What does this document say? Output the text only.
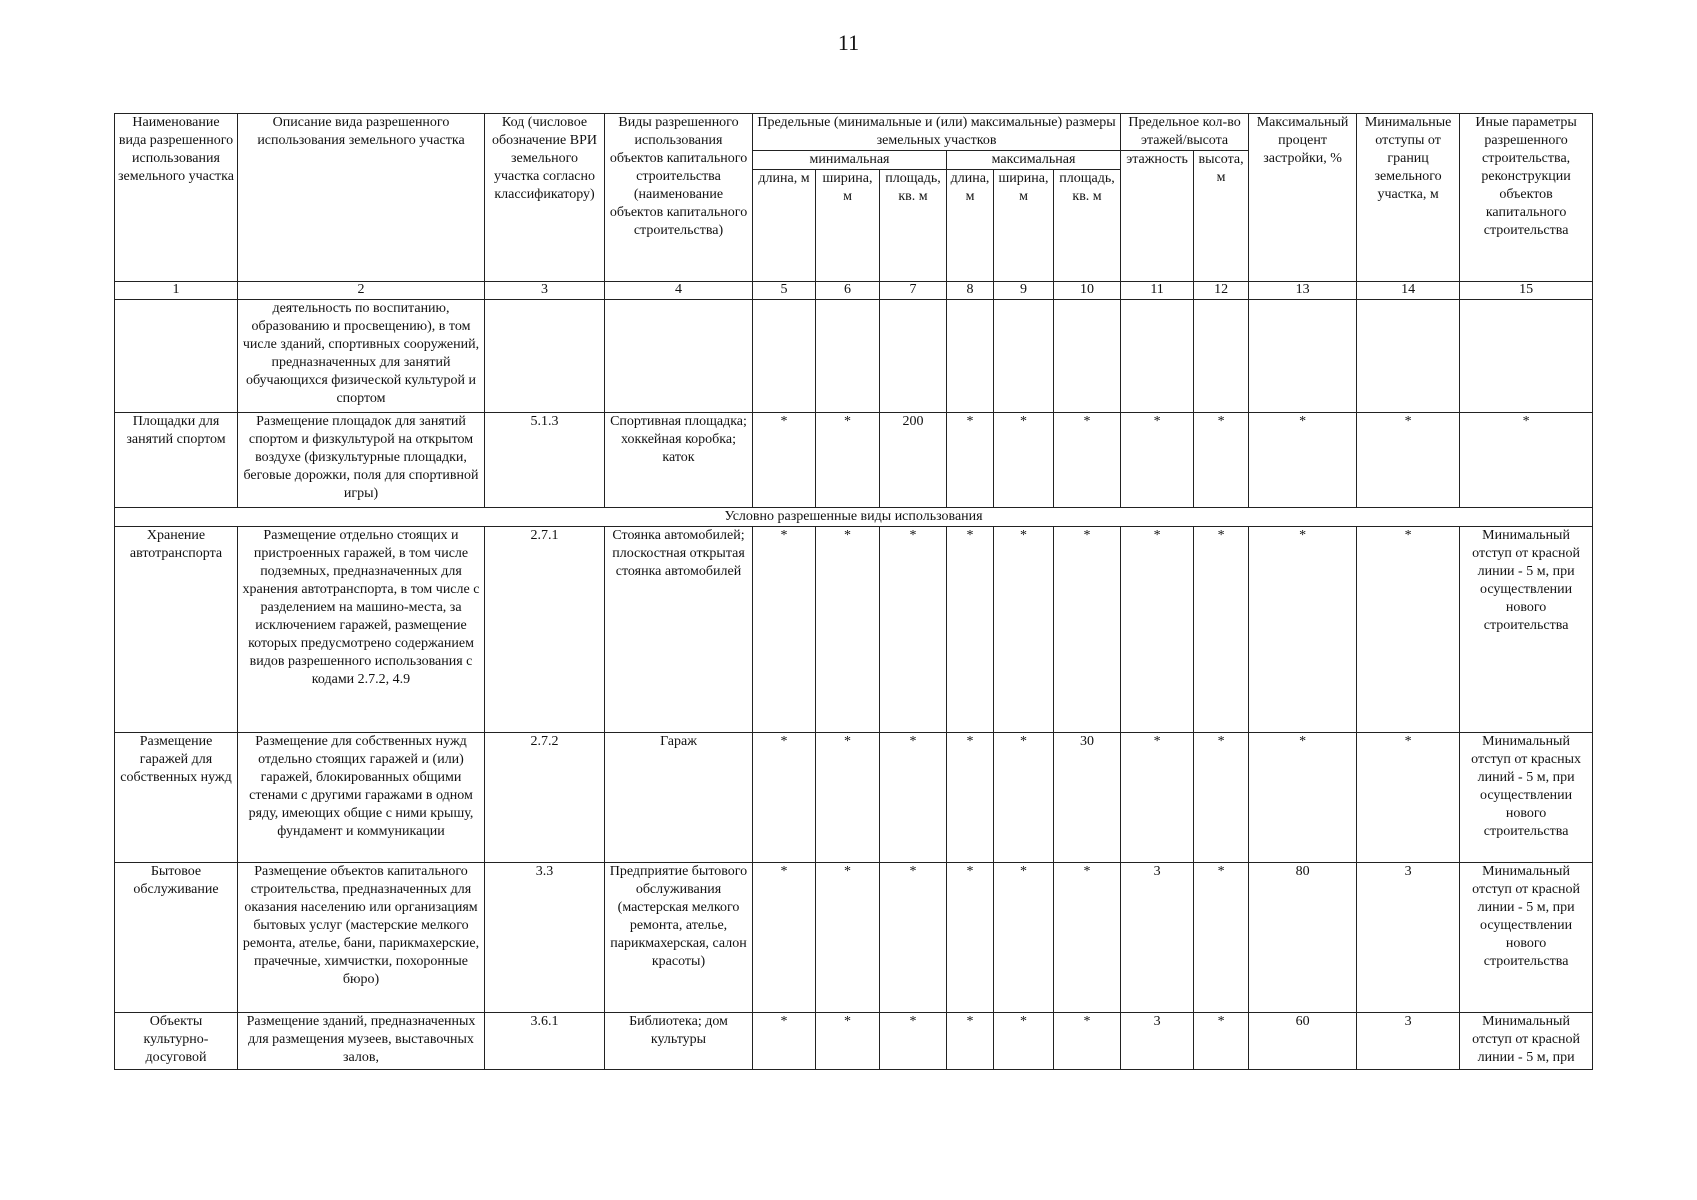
11
Наименование вида разрешенного использования земельного участка	Описание вида разрешенного использования земельного участка	Код (числовое обозначение ВРИ земельного участка согласно классификатору)	Виды разрешенного использования объектов капитального строительства (наименование объектов капитального строительства)	Предельные (минимальные и (или) максимальные) размеры земельных участков						Предельное кол-во этажей/высота		Максимальный процент застройки, %	Минимальные отступы от границ земельного участка, м	Иные параметры разрешенного строительства, реконструкции объектов капитального строительства

				минимальная			максимальная			этажность	высота, м			
				длина, м	ширина, м	площадь, кв. м	длина, м	ширина, м	площадь, кв. м					
1	2	3	4	5	6	7	8	9	10	11	12	13	14	15
	деятельность по воспитанию, образованию и просвещению), в том числе зданий, спортивных сооружений, предназначенных для занятий обучающихся физической культурой и спортом													
Площадки для занятий спортом	Размещение площадок для занятий спортом и физкультурой на открытом воздухе (физкультурные площадки, беговые дорожки, поля для спортивной игры)	5.1.3	Спортивная площадка; хоккейная коробка; каток	*	*	200	*	*	*	*	*	*	*	*
Условно разрешенные виды использования														
Хранение автотранспорта	Размещение отдельно стоящих и пристроенных гаражей, в том числе подземных, предназначенных для хранения автотранспорта, в том числе с разделением на машино-места, за исключением гаражей, размещение которых предусмотрено содержанием видов разрешенного использования с кодами 2.7.2, 4.9	2.7.1	Стоянка автомобилей; плоскостная открытая стоянка автомобилей	*	*	*	*	*	*	*	*	*	*	Минимальный отступ от красной линии - 5 м, при осуществлении нового строительства
Размещение гаражей для собственных нужд	Размещение для собственных нужд отдельно стоящих гаражей и (или) гаражей, блокированных общими стенами с другими гаражами в одном ряду, имеющих общие с ними крышу, фундамент и коммуникации	2.7.2	Гараж	*	*	*	*	*	30	*	*	*	*	Минимальный отступ от красных линий - 5 м, при осуществлении нового строительства
Бытовое обслуживание	Размещение объектов капитального строительства, предназначенных для оказания населению или организациям бытовых услуг (мастерские мелкого ремонта, ателье, бани, парикмахерские, прачечные, химчистки, похоронные бюро)	3.3	Предприятие бытового обслуживания (мастерская мелкого ремонта, ателье, парикмахерская, салон красоты)	*	*	*	*	*	*	3	*	80	3	Минимальный отступ от красной линии - 5 м, при осуществлении нового строительства
Объекты культурно-досуговой	Размещение зданий, предназначенных для размещения музеев, выставочных залов,	3.6.1	Библиотека; дом культуры	*	*	*	*	*	*	3	*	60	3	Минимальный отступ от красной линии - 5 м, при
